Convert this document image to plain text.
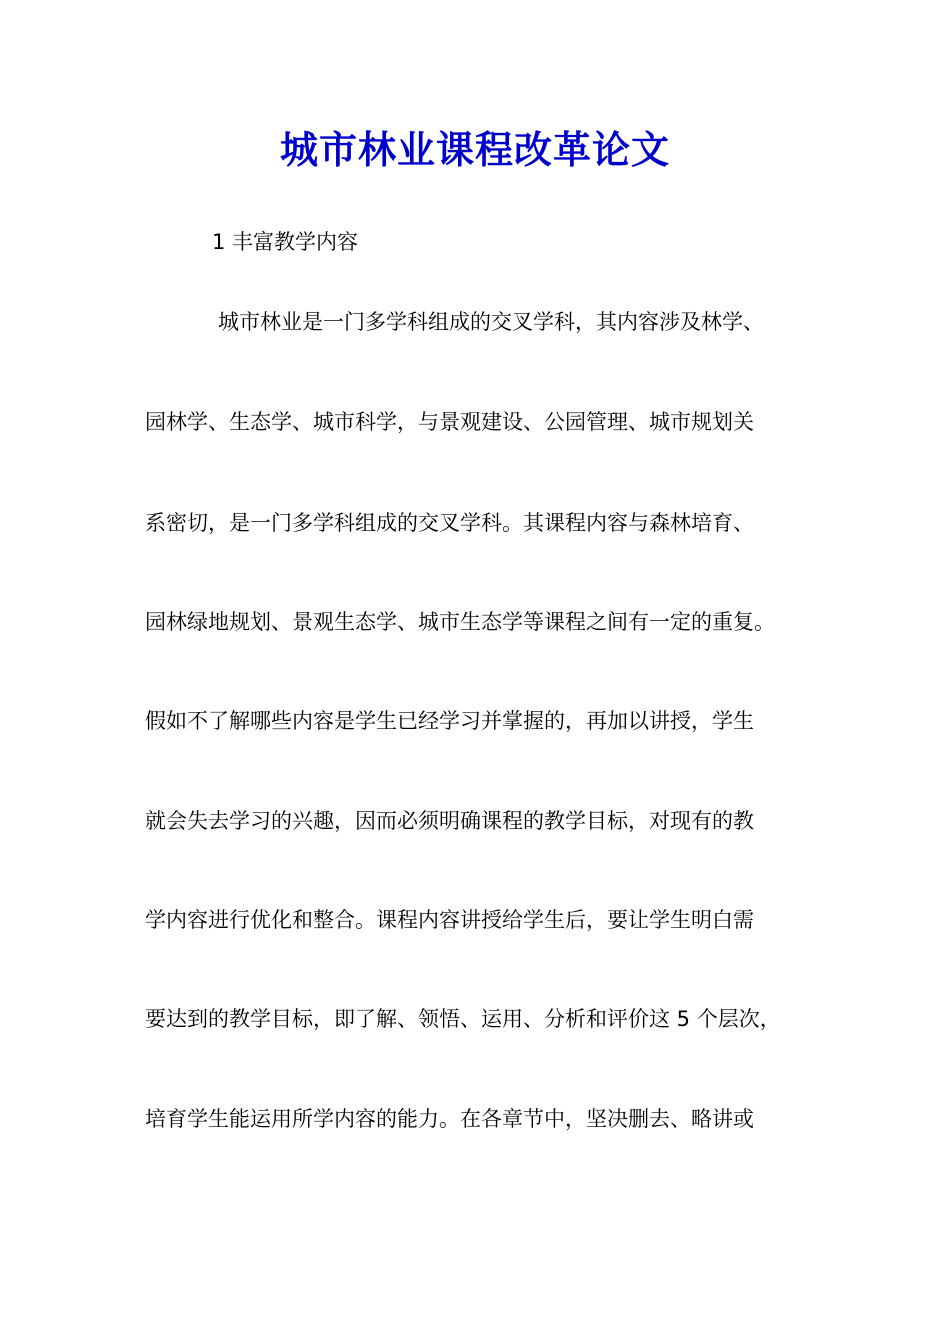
城市林业课程改革论文
1 丰富教学内容
城市林业是一门多学科组成的交叉学科，其内容涉及林学、
园林学、生态学、城市科学，与景观建设、公园管理、城市规划关
系密切，是一门多学科组成的交叉学科。其课程内容与森林培育、
园林绿地规划、景观生态学、城市生态学等课程之间有一定的重复。
假如不了解哪些内容是学生已经学习并掌握的，再加以讲授，学生
就会失去学习的兴趣，因而必须明确课程的教学目标，对现有的教
学内容进行优化和整合。课程内容讲授给学生后，要让学生明白需
要达到的教学目标，即了解、领悟、运用、分析和评价这 5 个层次，
培育学生能运用所学内容的能力。在各章节中，坚决删去、略讲或
